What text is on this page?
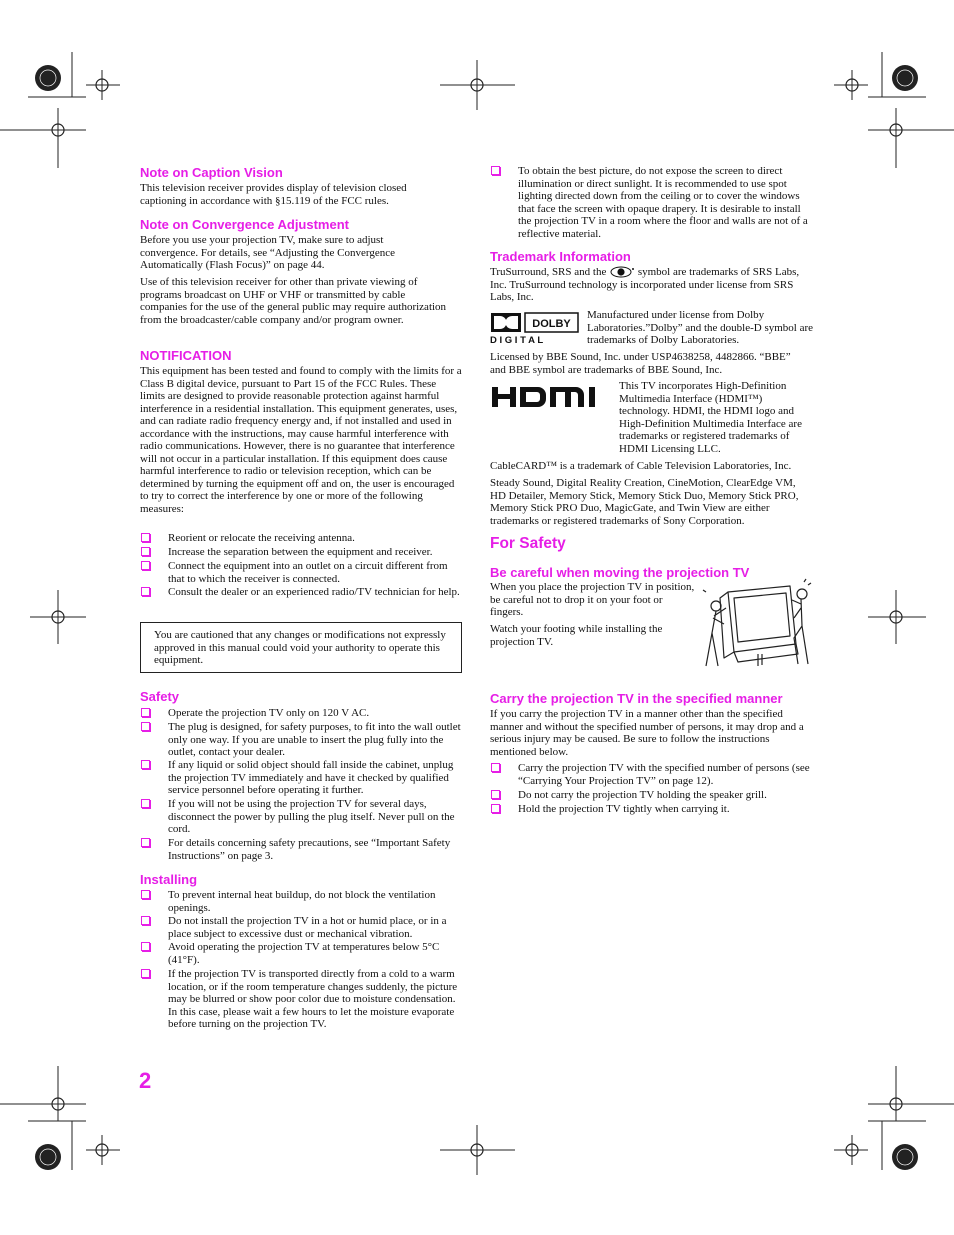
Note on Caption Vision
This television receiver provides display of television closed captioning in accordance with §15.119 of the FCC rules.
Note on Convergence Adjustment
Before you use your projection TV, make sure to adjust convergence. For details, see “Adjusting the Convergence Automatically (Flash Focus)” on page 44.
Use of this television receiver for other than private viewing of programs broadcast on UHF or VHF or transmitted by cable companies for the use of the general public may require authorization from the broadcaster/cable company and/or program owner.
NOTIFICATION
This equipment has been tested and found to comply with the limits for a Class B digital device, pursuant to Part 15 of the FCC Rules. These limits are designed to provide reasonable protection against harmful interference in a residential installation. This equipment generates, uses, and can radiate radio frequency energy and, if not installed and used in accordance with the instructions, may cause harmful interference with radio communications. However, there is no guarantee that interference will not occur in a particular installation. If this equipment does cause harmful interference to radio or television reception, which can be determined by turning the equipment off and on, the user is encouraged to try to correct the interference by one or more of the following measures:
Reorient or relocate the receiving antenna.
Increase the separation between the equipment and receiver.
Connect the equipment into an outlet on a circuit different from that to which the receiver is connected.
Consult the dealer or an experienced radio/TV technician for help.
Safety
Operate the projection TV only on 120 V AC.
The plug is designed, for safety purposes, to fit into the wall outlet only one way. If you are unable to insert the plug fully into the outlet, contact your dealer.
If any liquid or solid object should fall inside the cabinet, unplug the projection TV immediately and have it checked by qualified service personnel before operating it further.
If you will not be using the projection TV for several days, disconnect the power by pulling the plug itself. Never pull on the cord.
For details concerning safety precautions, see “Important Safety Instructions” on page 3.
Installing
To prevent internal heat buildup, do not block the ventilation openings.
Do not install the projection TV in a hot or humid place, or in a place subject to excessive dust or mechanical vibration.
Avoid operating the projection TV at temperatures below 5°C (41°F).
If the projection TV is transported directly from a cold to a warm location, or if the room temperature changes suddenly, the picture may be blurred or show poor color due to moisture condensation. In this case, please wait a few hours to let the moisture evaporate before turning on the projection TV.
You are cautioned that any changes or modifications not expressly approved in this manual could void your authority to operate this equipment.
2
To obtain the best picture, do not expose the screen to direct illumination or direct sunlight. It is recommended to use spot lighting directed down from the ceiling or to cover the windows that face the screen with opaque drapery. It is desirable to install the projection TV in a room where the floor and walls are not of a reflective material.
Trademark Information
TruSurround, SRS and the	symbol are trademarks of SRS Labs, Inc. TruSurround technology is incorporated under license from SRS Labs, Inc.
Manufactured under license from Dolby Laboratories.”Dolby” and the double-D symbol are trademarks of Dolby Laboratories.
Licensed by BBE Sound, Inc. under USP4638258, 4482866. “BBE” and BBE symbol are trademarks of BBE Sound, Inc.
This TV incorporates High-Definition Multimedia Interface (HDMI™) technology. HDMI, the HDMI logo and High-Definition Multimedia Interface are trademarks or registered trademarks of HDMI Licensing LLC.
CableCARD™ is a trademark of Cable Television Laboratories, Inc.
Steady Sound, Digital Reality Creation, CineMotion, ClearEdge VM, HD Detailer, Memory Stick, Memory Stick Duo, Memory Stick PRO, Memory Stick PRO Duo, MagicGate, and Twin View are either trademarks or registered trademarks of Sony Corporation.
For Safety
Be careful when moving the projection TV
When you place the projection TV in position, be careful not to drop it on your foot or fingers.
Watch your footing while installing the projection TV.
Carry the projection TV in the specified manner
If you carry the projection TV in a manner other than the specified manner and without the specified number of persons, it may drop and a serious injury may be caused. Be sure to follow the instructions mentioned below.
Carry the projection TV with the specified number of persons (see “Carrying Your Projection TV” on page 12).
Do not carry the projection TV holding the speaker grill.
Hold the projection TV tightly when carrying it.
DOLBY
D I G I T A L
